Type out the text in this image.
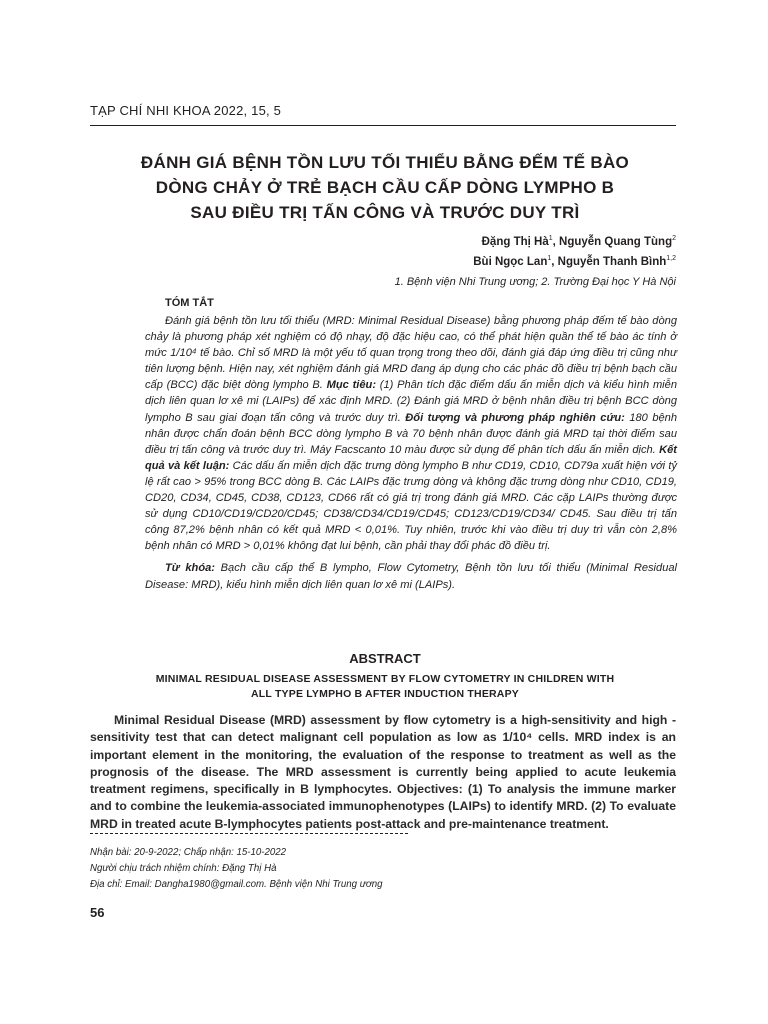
TẠP CHÍ NHI KHOA 2022, 15, 5
ĐÁNH GIÁ BỆNH TỒN LƯU TỐI THIỂU BẰNG ĐẾM TẾ BÀO
DÒNG CHẢY Ở TRẺ BẠCH CẦU CẤP DÒNG LYMPHO B
SAU ĐIỀU TRỊ TẤN CÔNG VÀ TRƯỚC DUY TRÌ
Đặng Thị $Hà^1$, Nguyễn Quang Tùng$^2$
Bùi Ngọc Lan$^1$, Nguyễn Thanh Bình$^{1,2}$
1. Bệnh viện Nhi Trung ương; 2. Trường Đại học Y Hà Nội
TÓM TẮT

Đánh giá bệnh tồn lưu tối thiểu (MRD: Minimal Residual Disease) bằng phương pháp đếm tế bào dòng chảy là phương pháp xét nghiệm có độ nhạy, độ đặc hiệu cao, có thể phát hiện quần thể tế bào ác tính ở mức 1/10⁴ tế bào. Chỉ số MRD là một yếu tố quan trọng trong theo dõi, đánh giá đáp ứng điều trị cũng như tiên lượng bệnh. Hiện nay, xét nghiệm đánh giá MRD đang áp dụng cho các phác đồ điều trị bệnh bạch cầu cấp (BCC) đặc biệt dòng lympho B. Mục tiêu: (1) Phân tích đặc điểm dấu ấn miễn dịch và kiểu hình miễn dịch liên quan lơ xê mi (LAIPs) để xác định MRD. (2) Đánh giá MRD ở bệnh nhân điều trị bệnh BCC dòng lympho B sau giai đoạn tấn công và trước duy trì. Đối tượng và phương pháp nghiên cứu: 180 bệnh nhân được chẩn đoán bệnh BCC dòng lympho B và 70 bệnh nhân được đánh giá MRD tại thời điểm sau điều trị tấn công và trước duy trì. Máy Facscanto 10 màu được sử dụng để phân tích dấu ấn miễn dịch. Kết quả và kết luận: Các dấu ấn miễn dịch đặc trưng dòng lympho B như CD19, CD10, CD79a xuất hiện với tỷ lệ rất cao > 95% trong BCC dòng B. Các LAIPs đặc trưng dòng và không đặc trưng dòng như CD10, CD19, CD20, CD34, CD45, CD38, CD123, CD66 rất có giá trị trong đánh giá MRD. Các cặp LAIPs thường được sử dụng CD10/CD19/CD20/CD45; CD38/CD34/CD19/CD45; CD123/CD19/CD34/ CD45. Sau điều trị tấn công 87,2% bệnh nhân có kết quả MRD < 0,01%. Tuy nhiên, trước khi vào điều trị duy trì vẫn còn 2,8% bệnh nhân có MRD > 0,01% không đạt lui bệnh, cần phải thay đổi phác đồ điều trị.

Từ khóa: Bạch cầu cấp thể B lympho, Flow Cytometry, Bệnh tồn lưu tối thiểu (Minimal Residual Disease: MRD), kiểu hình miễn dịch liên quan lơ xê mi (LAIPs).

ABSTRACT
MINIMAL RESIDUAL DISEASE ASSESSMENT BY FLOW CYTOMETRY IN CHILDREN WITH
ALL TYPE LYMPHO B AFTER INDUCTION THERAPY

Minimal Residual Disease (MRD) assessment by flow cytometry is a high-sensitivity and high - sensitivity test that can detect malignant cell population as low as 1/10⁴ cells. MRD index is an important element in the monitoring, the evaluation of the response to treatment as well as the prognosis of the disease. The MRD assessment is currently being applied to acute leukemia treatment regimens, specifically in B lymphocytes. Objectives: (1) To analysis the immune marker and to combine the leukemia-associated immunophenotypes (LAIPs) to identify MRD. (2) To evaluate MRD in treated acute B-lymphocytes patients post-attack and pre-maintenance treatment.

Nhận bài: 20-9-2022; Chấp nhận: 15-10-2022
Người chịu trách nhiệm chính: Đặng Thị Hà
Địa chỉ: Email: Dangha1980@gmail.com. Bệnh viện Nhi Trung ương
56
